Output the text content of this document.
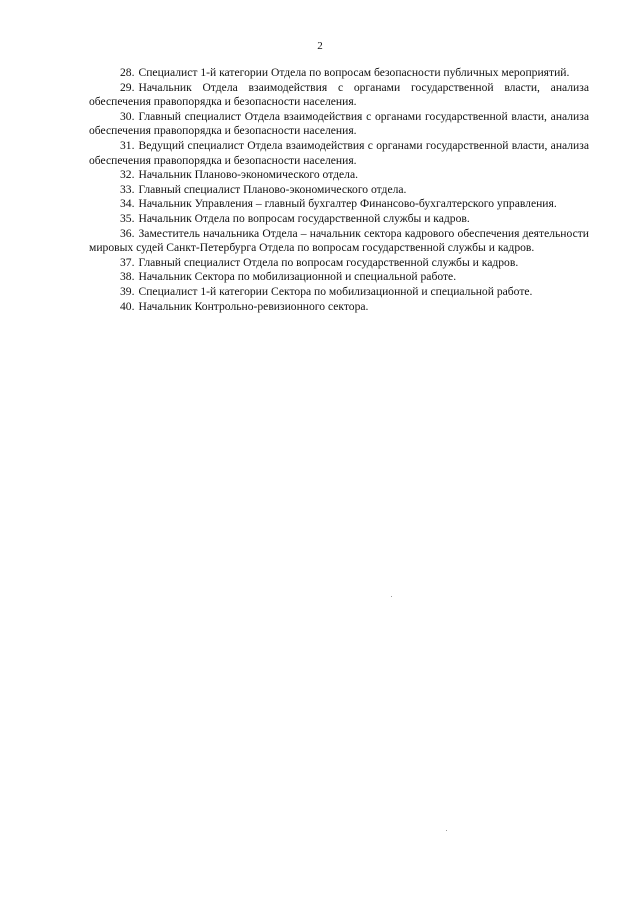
2

28. Специалист 1-й категории Отдела по вопросам безопасности публичных мероприятий.

29. Начальник Отдела взаимодействия с органами государственной власти, анализа обеспечения правопорядка и безопасности населения.

30. Главный специалист Отдела взаимодействия с органами государственной власти, анализа обеспечения правопорядка и безопасности населения.

31. Ведущий специалист Отдела взаимодействия с органами государственной власти, анализа обеспечения правопорядка и безопасности населения.

32. Начальник Планово-экономического отдела.

33. Главный специалист Планово-экономического отдела.

34. Начальник Управления – главный бухгалтер Финансово-бухгалтерского управления.

35. Начальник Отдела по вопросам государственной службы и кадров.

36. Заместитель начальника Отдела – начальник сектора кадрового обеспечения деятельности мировых судей Санкт-Петербурга Отдела по вопросам государственной службы и кадров.

37. Главный специалист Отдела по вопросам государственной службы и кадров.

38. Начальник Сектора по мобилизационной и специальной работе.

39. Специалист 1-й категории Сектора по мобилизационной и специальной работе.

40. Начальник Контрольно-ревизионного сектора.
